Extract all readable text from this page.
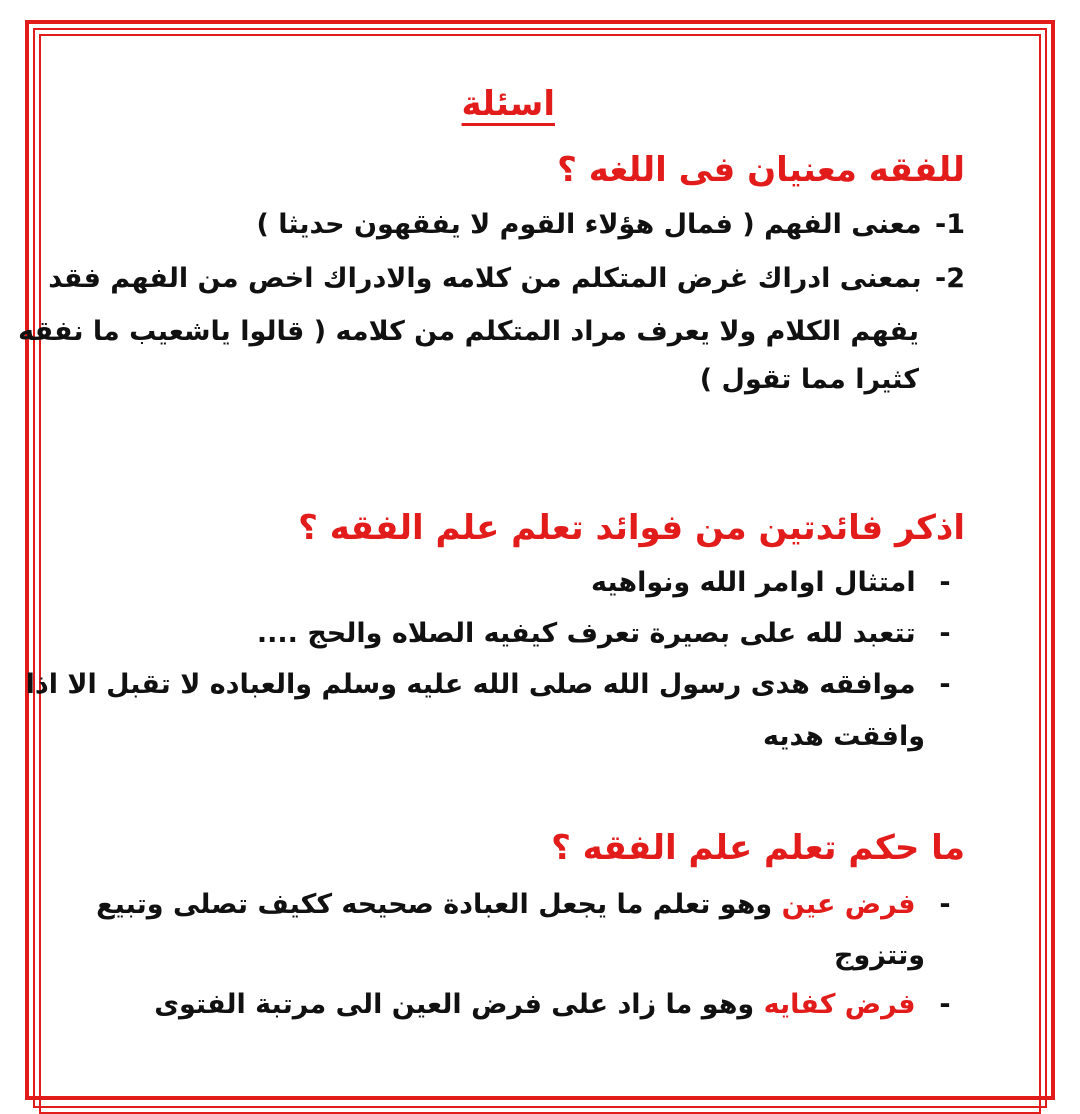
اسئلة
للفقه معنيان فى اللغه ؟
1- معنى الفهم ( فمال هؤلاء القوم لا يفقهون حديثا )
2- بمعنى ادراك غرض المتكلم من كلامه والادراك اخص من الفهم فقد
يفهم الكلام ولا يعرف مراد المتكلم من كلامه ( قالوا ياشعيب ما نفقه
كثيرا مما تقول )
اذكر فائدتين من فوائد تعلم علم الفقه ؟
- امتثال اوامر الله ونواهيه
- تتعبد لله على بصيرة تعرف كيفيه الصلاه والحج ....
- موافقه هدى رسول الله صلى الله عليه وسلم والعباده لا تقبل الا اذا
وافقت هديه
ما حكم تعلم علم الفقه ؟
- فرض عين وهو تعلم ما يجعل العبادة صحيحه ككيف تصلى وتبيع
وتتزوج
- فرض كفايه وهو ما زاد على فرض العين الى مرتبة الفتوى
